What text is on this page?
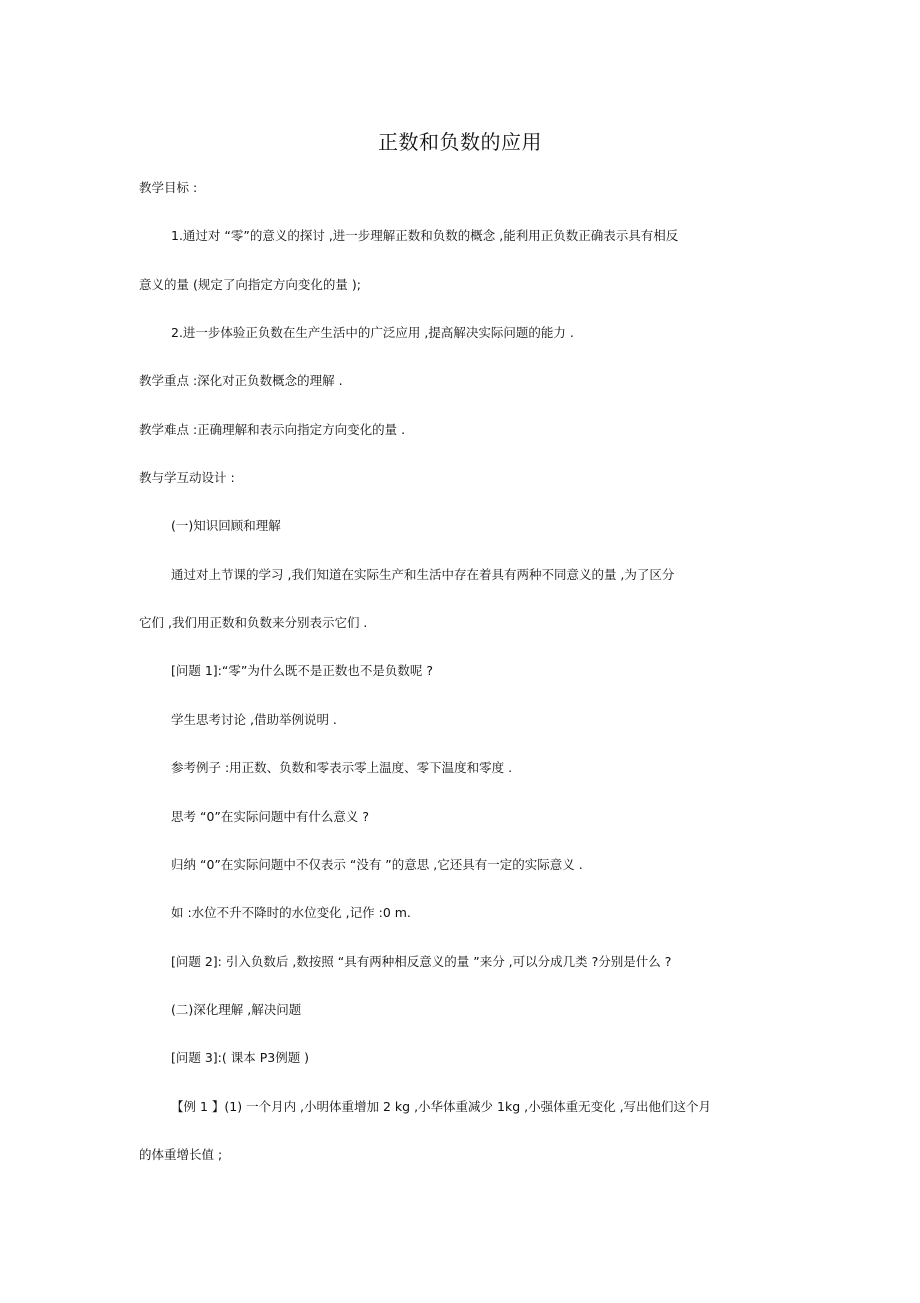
正数和负数的应用
教学目标 :
1.通过对 “零”的意义的探讨 ,进一步理解正数和负数的概念 ,能利用正负数正确表示具有相反
意义的量 (规定了向指定方向变化的量 );
2.进一步体验正负数在生产生活中的广泛应用 ,提高解决实际问题的能力 .
教学重点 :深化对正负数概念的理解 .
教学难点 :正确理解和表示向指定方向变化的量 .
教与学互动设计 :
(一)知识回顾和理解
通过对上节课的学习 ,我们知道在实际生产和生活中存在着具有两种不同意义的量 ,为了区分
它们 ,我们用正数和负数来分别表示它们 .
[问题 1]:“零”为什么既不是正数也不是负数呢 ?
学生思考讨论 ,借助举例说明 .
参考例子 :用正数、负数和零表示零上温度、零下温度和零度 .
思考 “0”在实际问题中有什么意义 ?
归纳 “0”在实际问题中不仅表示 “没有 ”的意思 ,它还具有一定的实际意义 .
如 :水位不升不降时的水位变化 ,记作 :0 m.
[问题 2]: 引入负数后 ,数按照 “具有两种相反意义的量 ”来分 ,可以分成几类 ?分别是什么 ?
(二)深化理解 ,解决问题
[问题 3]:( 课本 P3例题 )
【例 1 】(1) 一个月内 ,小明体重增加 2 kg ,小华体重减少 1kg ,小强体重无变化 ,写出他们这个月
的体重增长值 ;
